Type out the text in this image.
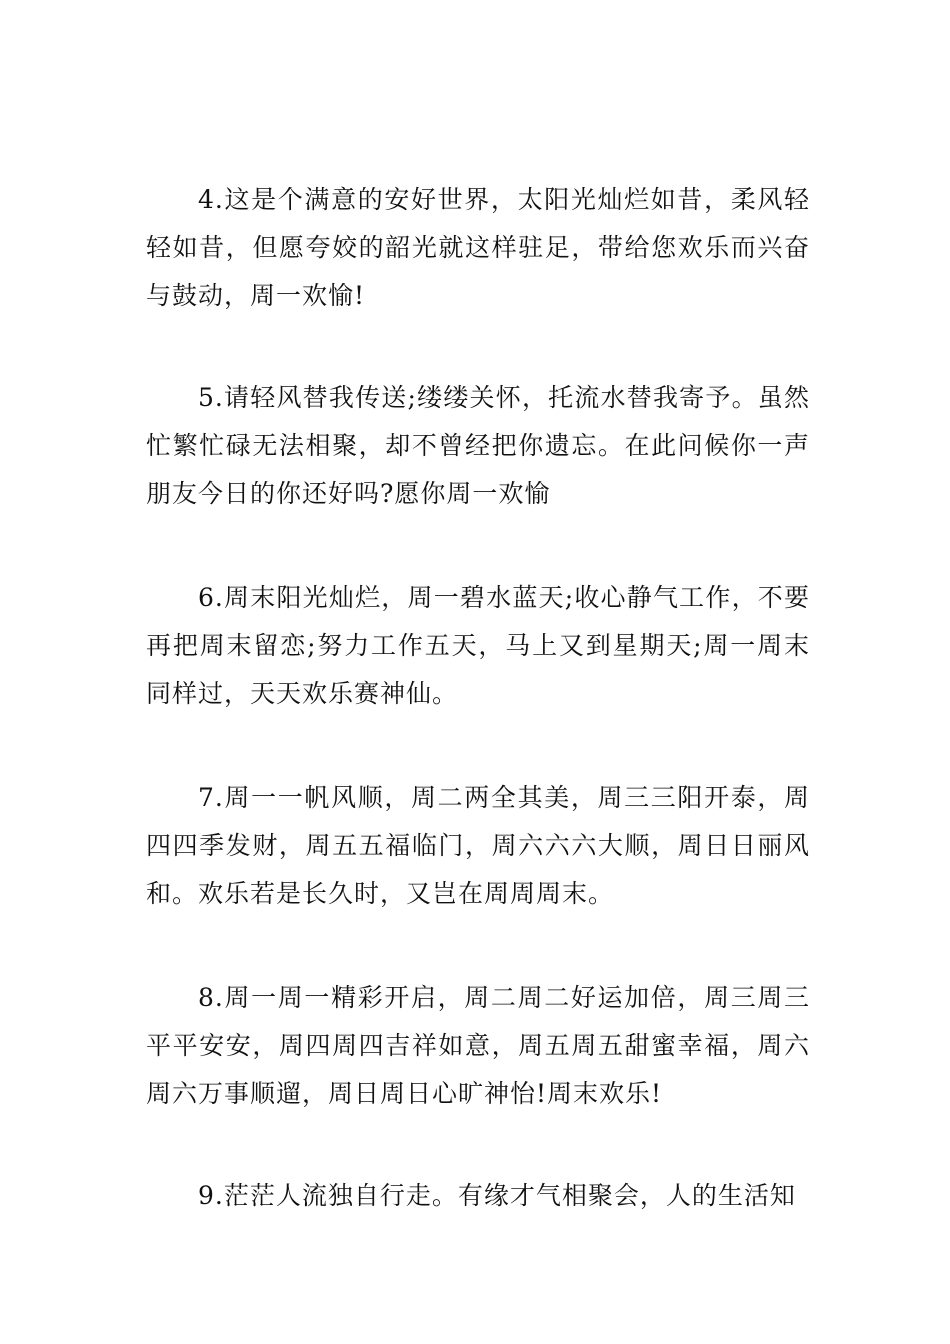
4.这是个满意的安好世界，太阳光灿烂如昔，柔风轻轻如昔，但愿夸姣的韶光就这样驻足，带给您欢乐而兴奋与鼓动，周一欢愉!

5.请轻风替我传送;缕缕关怀，托流水替我寄予。虽然忙繁忙碌无法相聚，却不曾经把你遗忘。在此问候你一声朋友今日的你还好吗?愿你周一欢愉

6.周末阳光灿烂，周一碧水蓝天;收心静气工作，不要再把周末留恋;努力工作五天，马上又到星期天;周一周末同样过，天天欢乐赛神仙。

7.周一一帆风顺，周二两全其美，周三三阳开泰，周四四季发财，周五五福临门，周六六六大顺，周日日丽风和。欢乐若是长久时，又岂在周周周末。

8.周一周一精彩开启，周二周二好运加倍，周三周三平平安安，周四周四吉祥如意，周五周五甜蜜幸福，周六周六万事顺遛，周日周日心旷神怡!周末欢乐!

9.茫茫人流独自行走。有缘才气相聚会，人的生活知
